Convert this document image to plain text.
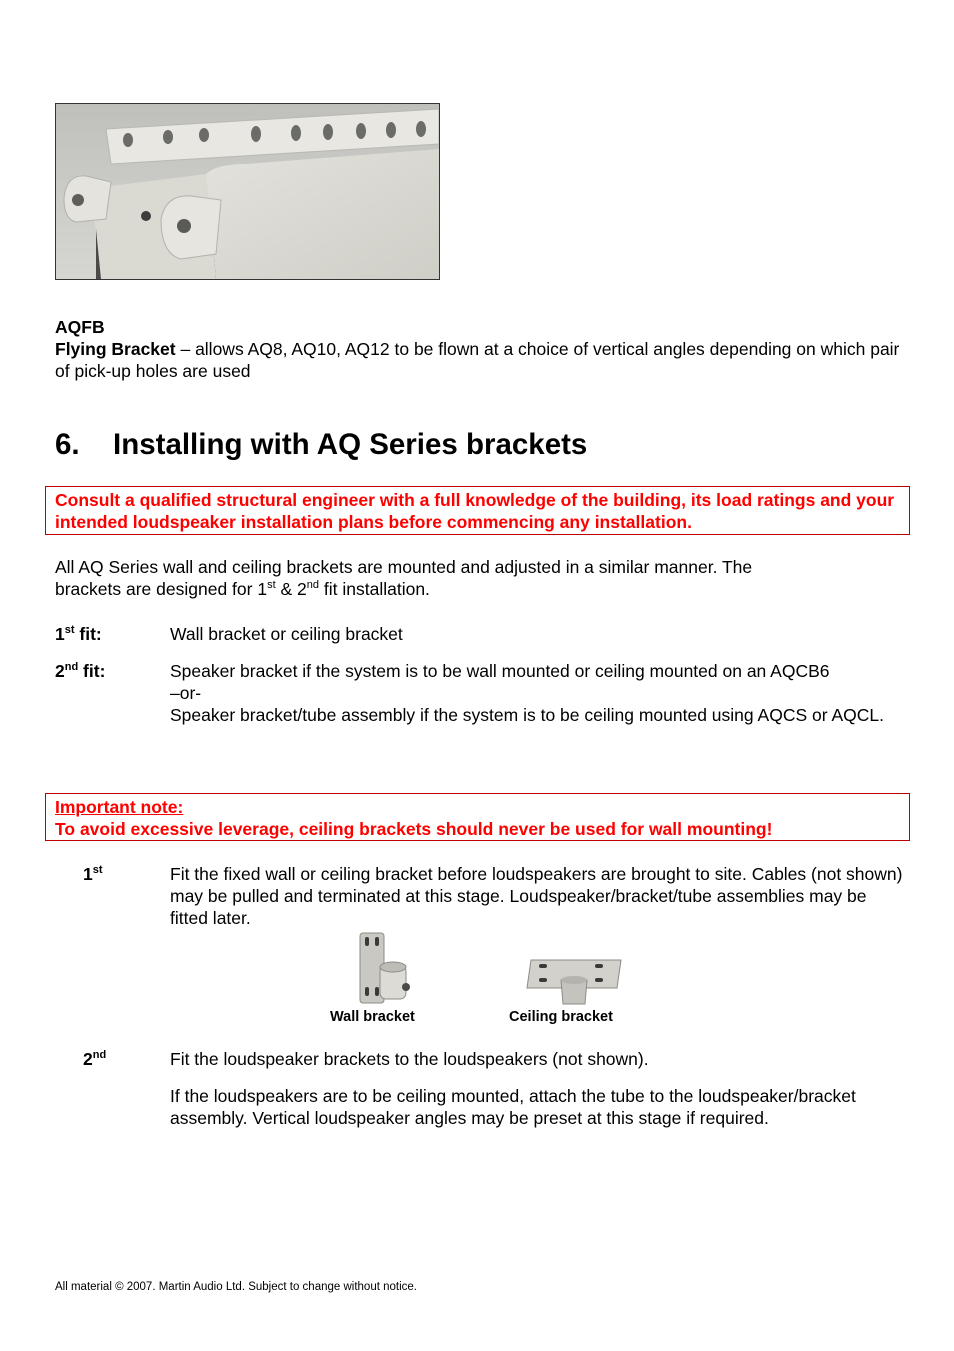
AQFB
Flying Bracket – allows AQ8, AQ10, AQ12 to be flown at a choice of vertical angles depending on which pair of pick-up holes are used
6. Installing with AQ Series brackets
Consult a qualified structural engineer with a full knowledge of the building, its load ratings and your intended loudspeaker installation plans before commencing any installation.
All AQ Series wall and ceiling brackets are mounted and adjusted in a similar manner. The
brackets are designed for 1st & 2nd fit installation.
1st fit:	Wall bracket or ceiling bracket
2nd fit:	Speaker bracket if the system is to be wall mounted or ceiling mounted on an AQCB6
–or-
Speaker bracket/tube assembly if the system is to be ceiling mounted using AQCS or AQCL.
Important note:
To avoid excessive leverage, ceiling brackets should never be used for wall mounting!
1st	Fit the fixed wall or ceiling bracket before loudspeakers are brought to site. Cables (not shown) may be pulled and terminated at this stage. Loudspeaker/bracket/tube assemblies may be fitted later.
Wall bracket	Ceiling bracket
2nd	Fit the loudspeaker brackets to the loudspeakers (not shown).
If the loudspeakers are to be ceiling mounted, attach the tube to the loudspeaker/bracket assembly. Vertical loudspeaker angles may be preset at this stage if required.
All material © 2007. Martin Audio Ltd. Subject to change without notice.
